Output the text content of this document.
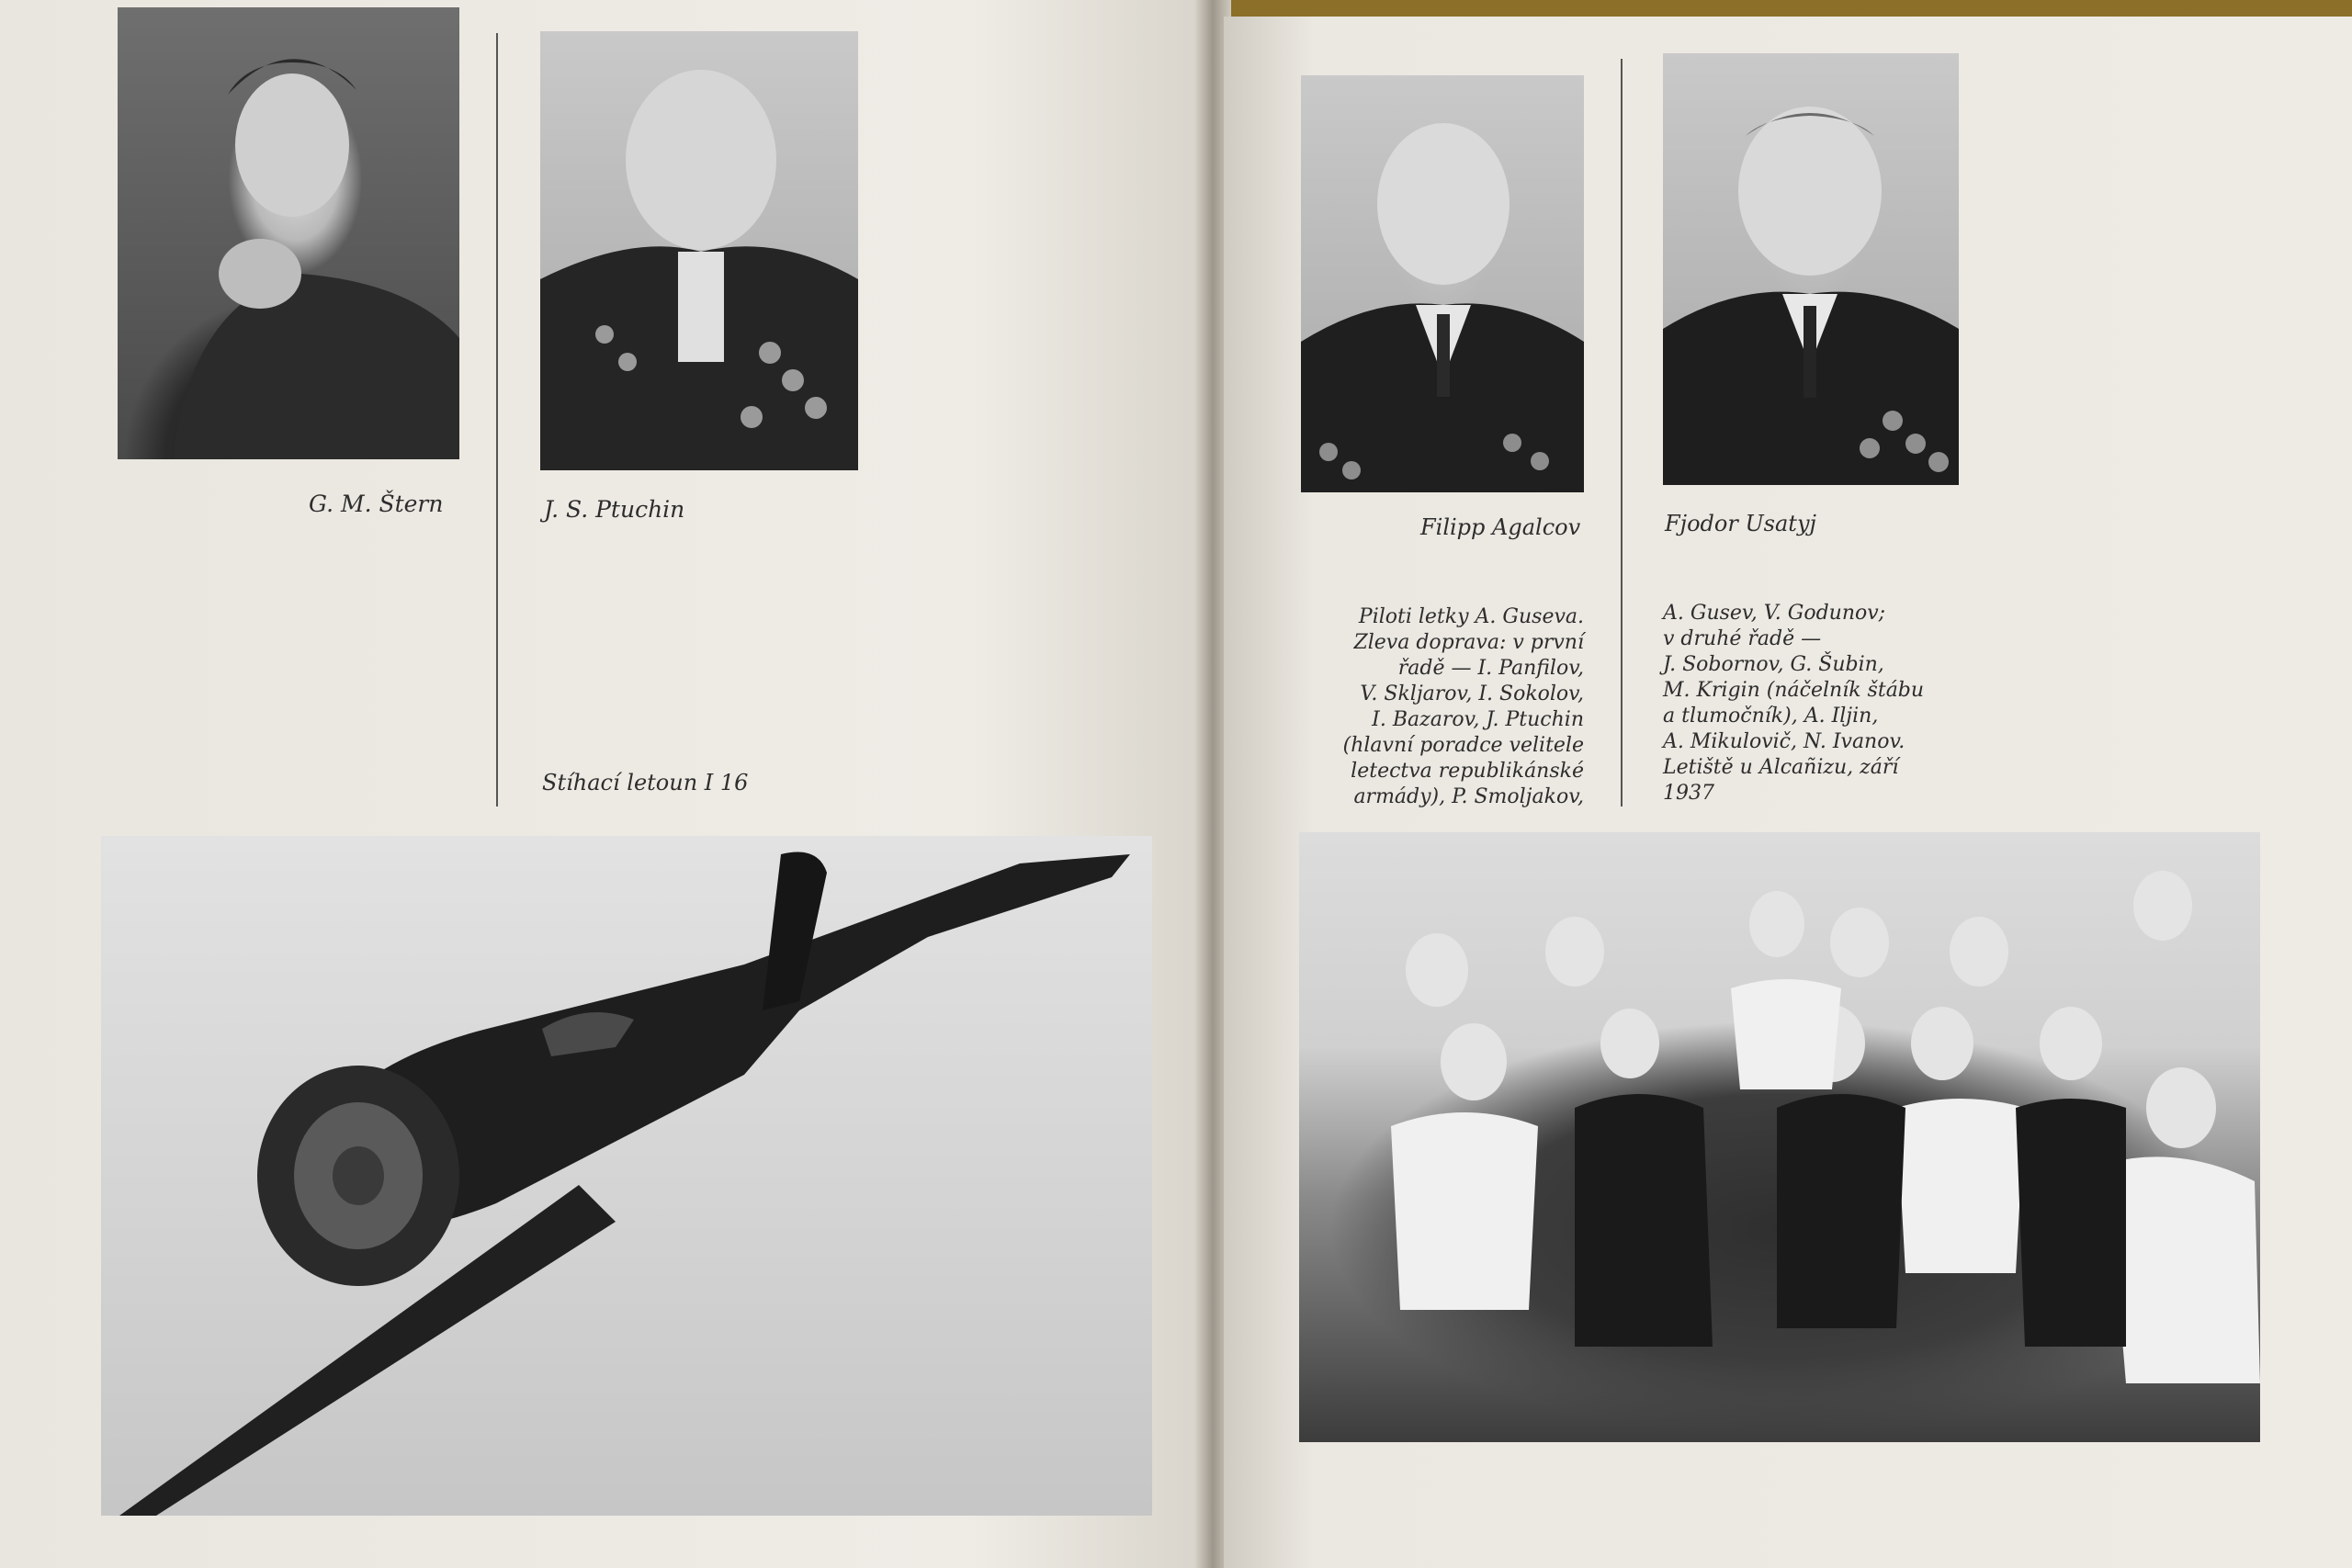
G. M. Štern	J. S. Ptuchin
Stíhací letoun I 16
Filipp Agalcov	Fjodor Usatyj
Piloti letky A. Guseva.
Zleva doprava: v první
řadě — I. Panfilov,
V. Skljarov, I. Sokolov,
I. Bazarov, J. Ptuchin
(hlavní poradce velitele
letectva republikánské
armády), P. Smoljakov,
A. Gusev, V. Godunov;
v druhé řadě —
J. Sobornov, G. Šubin,
M. Krigin (náčelník štábu
a tlumočník), A. Iljin,
A. Mikulovič, N. Ivanov.
Letiště u Alcañizu, září
1937
